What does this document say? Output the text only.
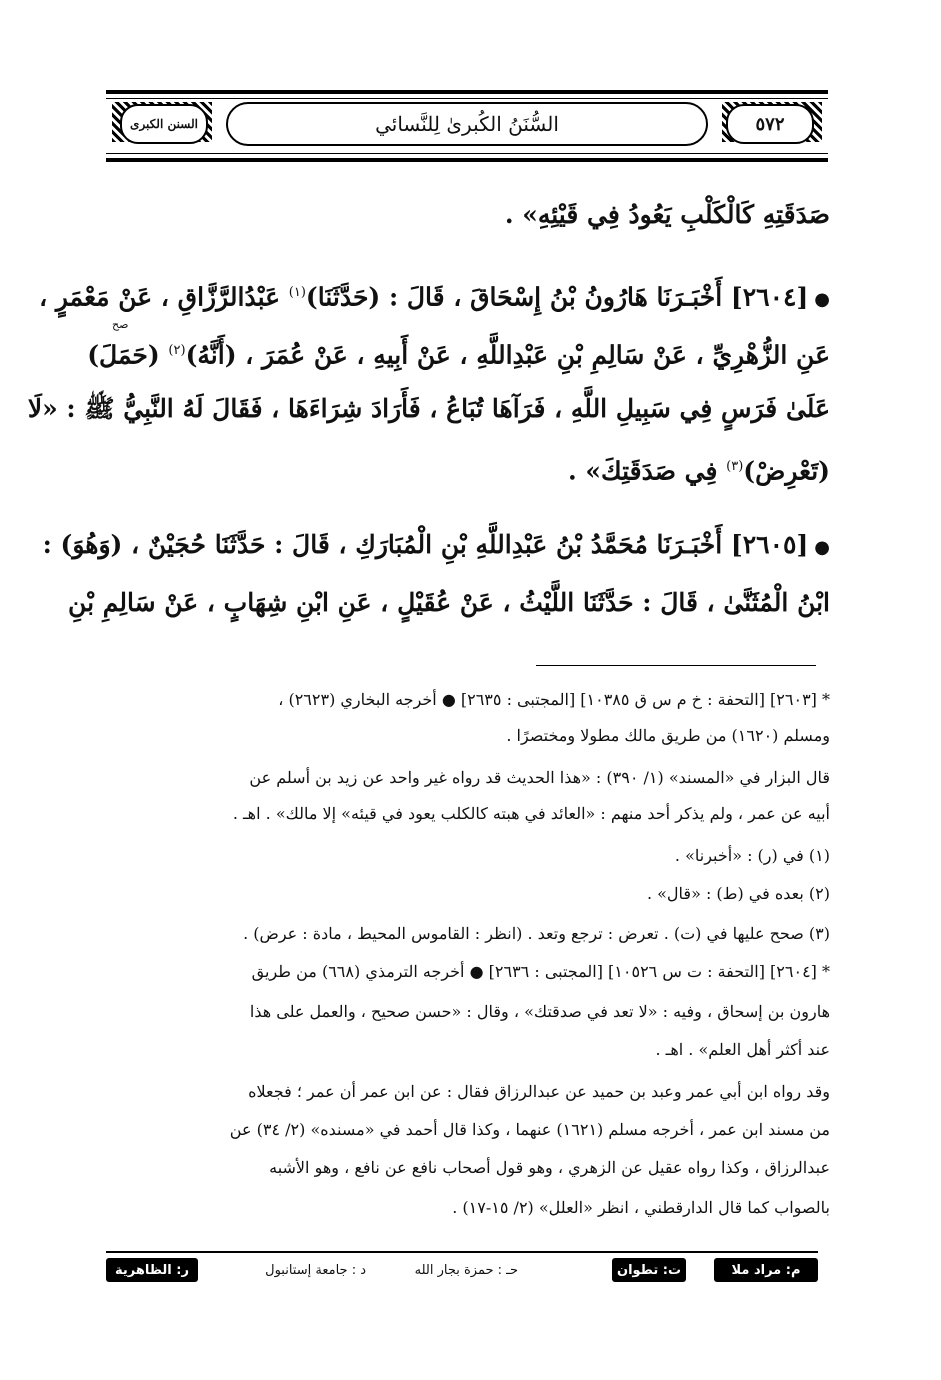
السنن الكبرى	٥٧٢
السُّنَنُ الكُبرىٰ لِلنَّسائي
صَدَقَتِهِ كَالْكَلْبِ يَعُودُ فِي قَيْئِهِ» .
●[٢٦٠٤] أَخْبَـرَنَا هَارُونُ بْنُ إِسْحَاقَ ، قَالَ : (حَدَّثَنَا)$^{(١)}$ عَبْدُالرَّزَّاقِ ، عَنْ مَعْمَرٍ ،
عَنِ الزُّهْرِيِّ ، عَنْ سَالِمِ بْنِ عَبْدِاللَّهِ ، عَنْ أَبِيهِ ، عَنْ عُمَرَ ، (أَنَّهُ)$^{(٢)}$ (حَمَلَ)
صح
عَلَىٰ فَرَسٍ فِي سَبِيلِ اللَّهِ ، فَرَآهَا تُبَاعُ ، فَأَرَادَ شِرَاءَهَا ، فَقَالَ لَهُ النَّبِيُّ ﷺ : «لَا
(تَعْرِضْ)$^{(٣)}$ فِي صَدَقَتِكَ» .
●[٢٦٠٥] أَخْبَـرَنَا مُحَمَّدُ بْنُ عَبْدِاللَّهِ بْنِ الْمُبَارَكِ ، قَالَ : حَدَّثَنَا حُجَيْنٌ ، (وَهُوَ) :
ابْنُ الْمُثَنَّىٰ ، قَالَ : حَدَّثَنَا اللَّيْثُ ، عَنْ عُقَيْلٍ ، عَنِ ابْنِ شِهَابٍ ، عَنْ سَالِمِ بْنِ
* [٢٦٠٣] [التحفة : خ م س ق ١٠٣٨٥] [المجتبى : ٢٦٣٥] ● أخرجه البخاري (٢٦٢٣) ،
ومسلم (١٦٢٠) من طريق مالك مطولا ومختصرًا .
قال البزار في «المسند» (١/ ٣٩٠) : «هذا الحديث قد رواه غير واحد عن زيد بن أسلم عن
أبيه عن عمر ، ولم يذكر أحد منهم : «العائد في هبته كالكلب يعود في قيئه» إلا مالك» . اهـ .
(١) في (ر) : «أخبرنا» .
(٢) بعده في (ط) : «قال» .
(٣) صحح عليها في (ت) . تعرض : ترجع وتعد . (انظر : القاموس المحيط ، مادة : عرض) .
* [٢٦٠٤] [التحفة : ت س ١٠٥٢٦] [المجتبى : ٢٦٣٦] ● أخرجه الترمذي (٦٦٨) من طريق
هارون بن إسحاق ، وفيه : «لا تعد في صدقتك» ، وقال : «حسن صحيح ، والعمل على هذا
عند أكثر أهل العلم» . اهـ .
وقد رواه ابن أبي عمر وعبد بن حميد عن عبدالرزاق فقال : عن ابن عمر أن عمر ؛ فجعلاه
من مسند ابن عمر ، أخرجه مسلم (١٦٢١) عنهما ، وكذا قال أحمد في «مسنده» (٢/ ٣٤) عن
عبدالرزاق ، وكذا رواه عقيل عن الزهري ، وهو قول أصحاب نافع عن نافع ، وهو الأشبه
بالصواب كما قال الدارقطني ، انظر «العلل» (٢/ ١٥-١٧) .
م: مراد ملا
ت: تطوان
حـ : حمزة بجار الله
د : جامعة إستانبول
ر: الظاهرية
